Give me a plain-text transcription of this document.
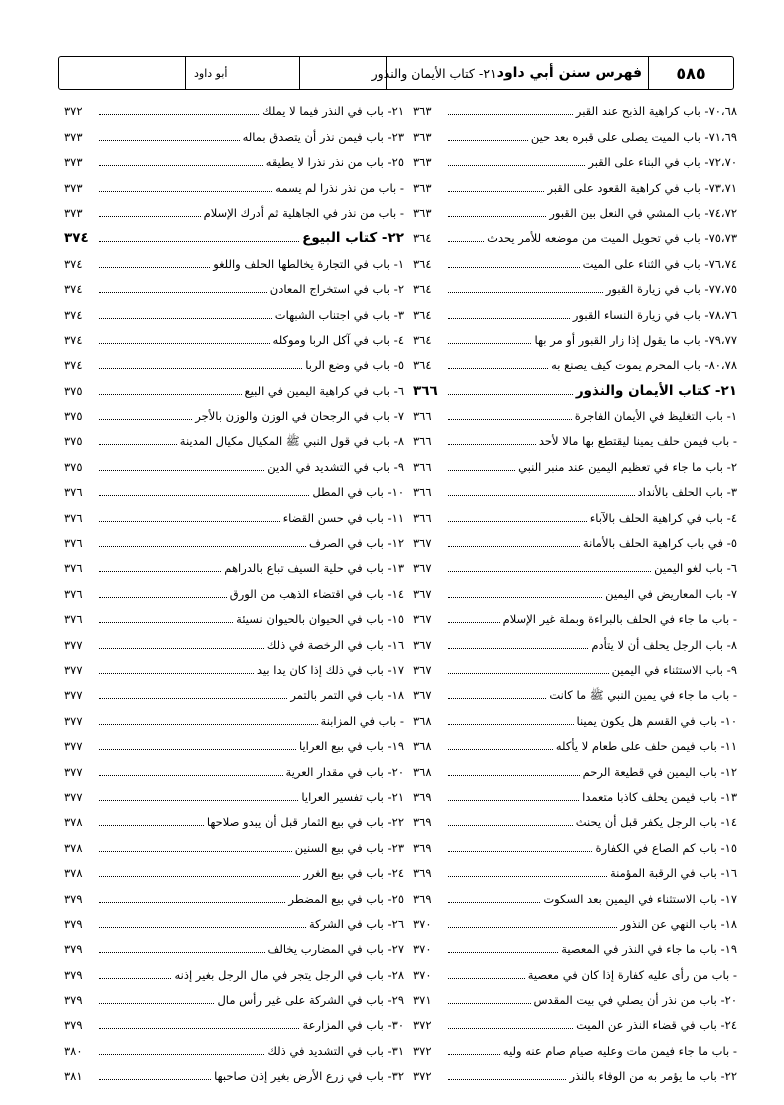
٥٨٥
فهرس سنن أبي داود
٢١- كتاب الأيمان والنذور
أبو داود
٧٠،٦٨- باب كراهية الذبح عند القبر
٣٦٣
٧١،٦٩- باب الميت يصلى على قبره بعد حين
٣٦٣
٧٢،٧٠- باب في البناء على القبر
٣٦٣
٧٣،٧١- باب في كراهية القعود على القبر
٣٦٣
٧٤،٧٢- باب المشي في النعل بين القبور
٣٦٣
٧٥،٧٣- باب في تحويل الميت من موضعه للأمر يحدث
٣٦٤
٧٦،٧٤- باب في الثناء على الميت
٣٦٤
٧٧،٧٥- باب في زيارة القبور
٣٦٤
٧٨،٧٦- باب في زيارة النساء القبور
٣٦٤
٧٩،٧٧- باب ما يقول إذا زار القبور أو مر بها
٣٦٤
٨٠،٧٨- باب المحرم يموت كيف يصنع به
٣٦٤
٢١- كتاب الأيمان والنذور
٣٦٦
١- باب التغليظ في الأيمان الفاجرة
٣٦٦
- باب فيمن حلف يمينا ليقتطع بها مالا لأحد
٣٦٦
٢- باب ما جاء في تعظيم اليمين عند منبر النبي
٣٦٦
٣- باب الحلف بالأنداد
٣٦٦
٤- باب في كراهية الحلف بالآباء
٣٦٦
٥- في باب كراهية الحلف بالأمانة
٣٦٧
٦- باب لغو اليمين
٣٦٧
٧- باب المعاريض في اليمين
٣٦٧
- باب ما جاء في الحلف بالبراءة وبملة غير الإسلام
٣٦٧
٨- باب الرجل يحلف أن لا يتأدم
٣٦٧
٩- باب الاستثناء في اليمين
٣٦٧
- باب ما جاء في يمين النبي ﷺ ما كانت
٣٦٧
١٠- باب في القسم هل يكون يمينا
٣٦٨
١١- باب فيمن حلف على طعام لا يأكله
٣٦٨
١٢- باب اليمين في قطيعة الرحم
٣٦٨
١٣- باب فيمن يحلف كاذبا متعمدا
٣٦٩
١٤- باب الرجل يكفر قبل أن يحنث
٣٦٩
١٥- باب كم الصاع في الكفارة
٣٦٩
١٦- باب في الرقبة المؤمنة
٣٦٩
١٧- باب الاستثناء في اليمين بعد السكوت
٣٦٩
١٨- باب النهي عن النذور
٣٧٠
١٩- باب ما جاء في النذر في المعصية
٣٧٠
- باب من رأى عليه كفارة إذا كان في معصية
٣٧٠
٢٠- باب من نذر أن يصلي في بيت المقدس
٣٧١
٢٤- باب في قضاء النذر عن الميت
٣٧٢
- باب ما جاء فيمن مات وعليه صيام صام عنه وليه
٣٧٢
٢٢- باب ما يؤمر به من الوفاء بالنذر
٣٧٢
٢١- باب في النذر فيما لا يملك
٣٧٢
٢٣- باب فيمن نذر أن يتصدق بماله
٣٧٣
٢٥- باب من نذر نذرا لا يطيقه
٣٧٣
- باب من نذر نذرا لم يسمه
٣٧٣
- باب من نذر في الجاهلية ثم أدرك الإسلام
٣٧٣
٢٢- كتاب البيوع
٣٧٤
١- باب في التجارة يخالطها الحلف واللغو
٣٧٤
٢- باب في استخراج المعادن
٣٧٤
٣- باب في اجتناب الشبهات
٣٧٤
٤- باب في آكل الربا وموكله
٣٧٤
٥- باب في وضع الربا
٣٧٤
٦- باب في كراهية اليمين في البيع
٣٧٥
٧- باب في الرجحان في الوزن والوزن بالأجر
٣٧٥
٨- باب في قول النبي ﷺ المكيال مكيال المدينة
٣٧٥
٩- باب في التشديد في الدين
٣٧٥
١٠- باب في المطل
٣٧٦
١١- باب في حسن القضاء
٣٧٦
١٢- باب في الصرف
٣٧٦
١٣- باب في حلية السيف تباع بالدراهم
٣٧٦
١٤- باب في اقتضاء الذهب من الورق
٣٧٦
١٥- باب في الحيوان بالحيوان نسيئة
٣٧٦
١٦- باب في الرخصة في ذلك
٣٧٧
١٧- باب في ذلك إذا كان يدا بيد
٣٧٧
١٨- باب في التمر بالتمر
٣٧٧
- باب في المزابنة
٣٧٧
١٩- باب في بيع العرايا
٣٧٧
٢٠- باب في مقدار العرية
٣٧٧
٢١- باب تفسير العرايا
٣٧٧
٢٢- باب في بيع الثمار قبل أن يبدو صلاحها
٣٧٨
٢٣- باب في بيع السنين
٣٧٨
٢٤- باب في بيع الغرر
٣٧٨
٢٥- باب في بيع المضطر
٣٧٩
٢٦- باب في الشركة
٣٧٩
٢٧- باب في المضارب يخالف
٣٧٩
٢٨- باب في الرجل يتجر في مال الرجل بغير إذنه
٣٧٩
٢٩- باب في الشركة على غير رأس مال
٣٧٩
٣٠- باب في المزارعة
٣٧٩
٣١- باب في التشديد في ذلك
٣٨٠
٣٢- باب في زرع الأرض بغير إذن صاحبها
٣٨١
